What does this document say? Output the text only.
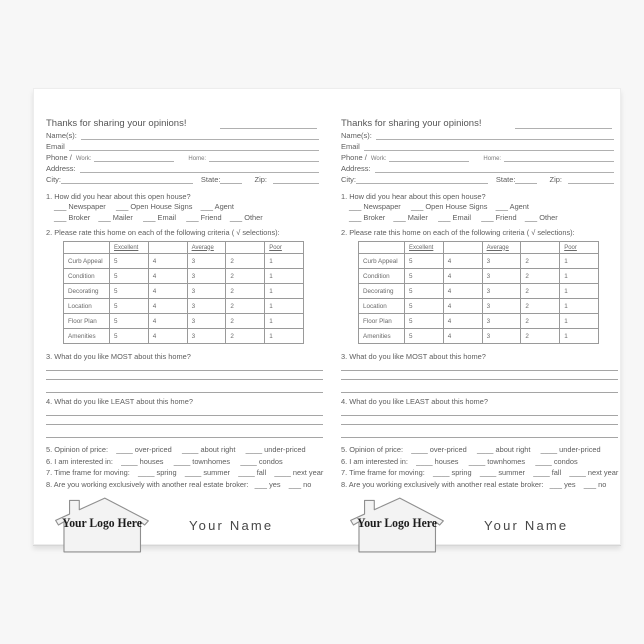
Thanks for sharing your opinions!
Name(s):
Email
Phone / Work:	Home:
Address:
City:	State:	Zip:
1. How did you hear about this open house?
___ Newspaper     ___ Open House Signs    ___ Agent
___ Broker    ___ Mailer     ___ Email     ___ Friend    ___ Other
2. Please rate this home on each of the following criteria ( √ selections):
	Excellent		Average		Poor
Curb Appeal	5	4	3	2	1
Condition	5	4	3	2	1
Decorating	5	4	3	2	1
Location	5	4	3	2	1
Floor Plan	5	4	3	2	1
Amenities	5	4	3	2	1
3. What do you like MOST about this home?
4. What do you like LEAST about this home?
5. Opinion of price:    ____ over-priced     ____ about right     ____ under-priced
6. I am interested in:    ____ houses     ____ townhomes     ____ condos
7. Time frame for moving:    ____ spring    ____ summer    ____ fall    ____ next year
8. Are you working exclusively with another real estate broker:   ___ yes    ___ no
Your Logo Here	Your Name
Thanks for sharing your opinions!
Name(s):
Email
Phone / Work:	Home:
Address:
City:	State:	Zip:
1. How did you hear about this open house?
___ Newspaper     ___ Open House Signs    ___ Agent
___ Broker    ___ Mailer     ___ Email     ___ Friend    ___ Other
2. Please rate this home on each of the following criteria ( √ selections):
	Excellent		Average		Poor
Curb Appeal	5	4	3	2	1
Condition	5	4	3	2	1
Decorating	5	4	3	2	1
Location	5	4	3	2	1
Floor Plan	5	4	3	2	1
Amenities	5	4	3	2	1
3. What do you like MOST about this home?
4. What do you like LEAST about this home?
5. Opinion of price:    ____ over-priced     ____ about right     ____ under-priced
6. I am interested in:    ____ houses     ____ townhomes     ____ condos
7. Time frame for moving:    ____ spring    ____ summer    ____ fall    ____ next year
8. Are you working exclusively with another real estate broker:   ___ yes    ___ no
Your Logo Here	Your Name
